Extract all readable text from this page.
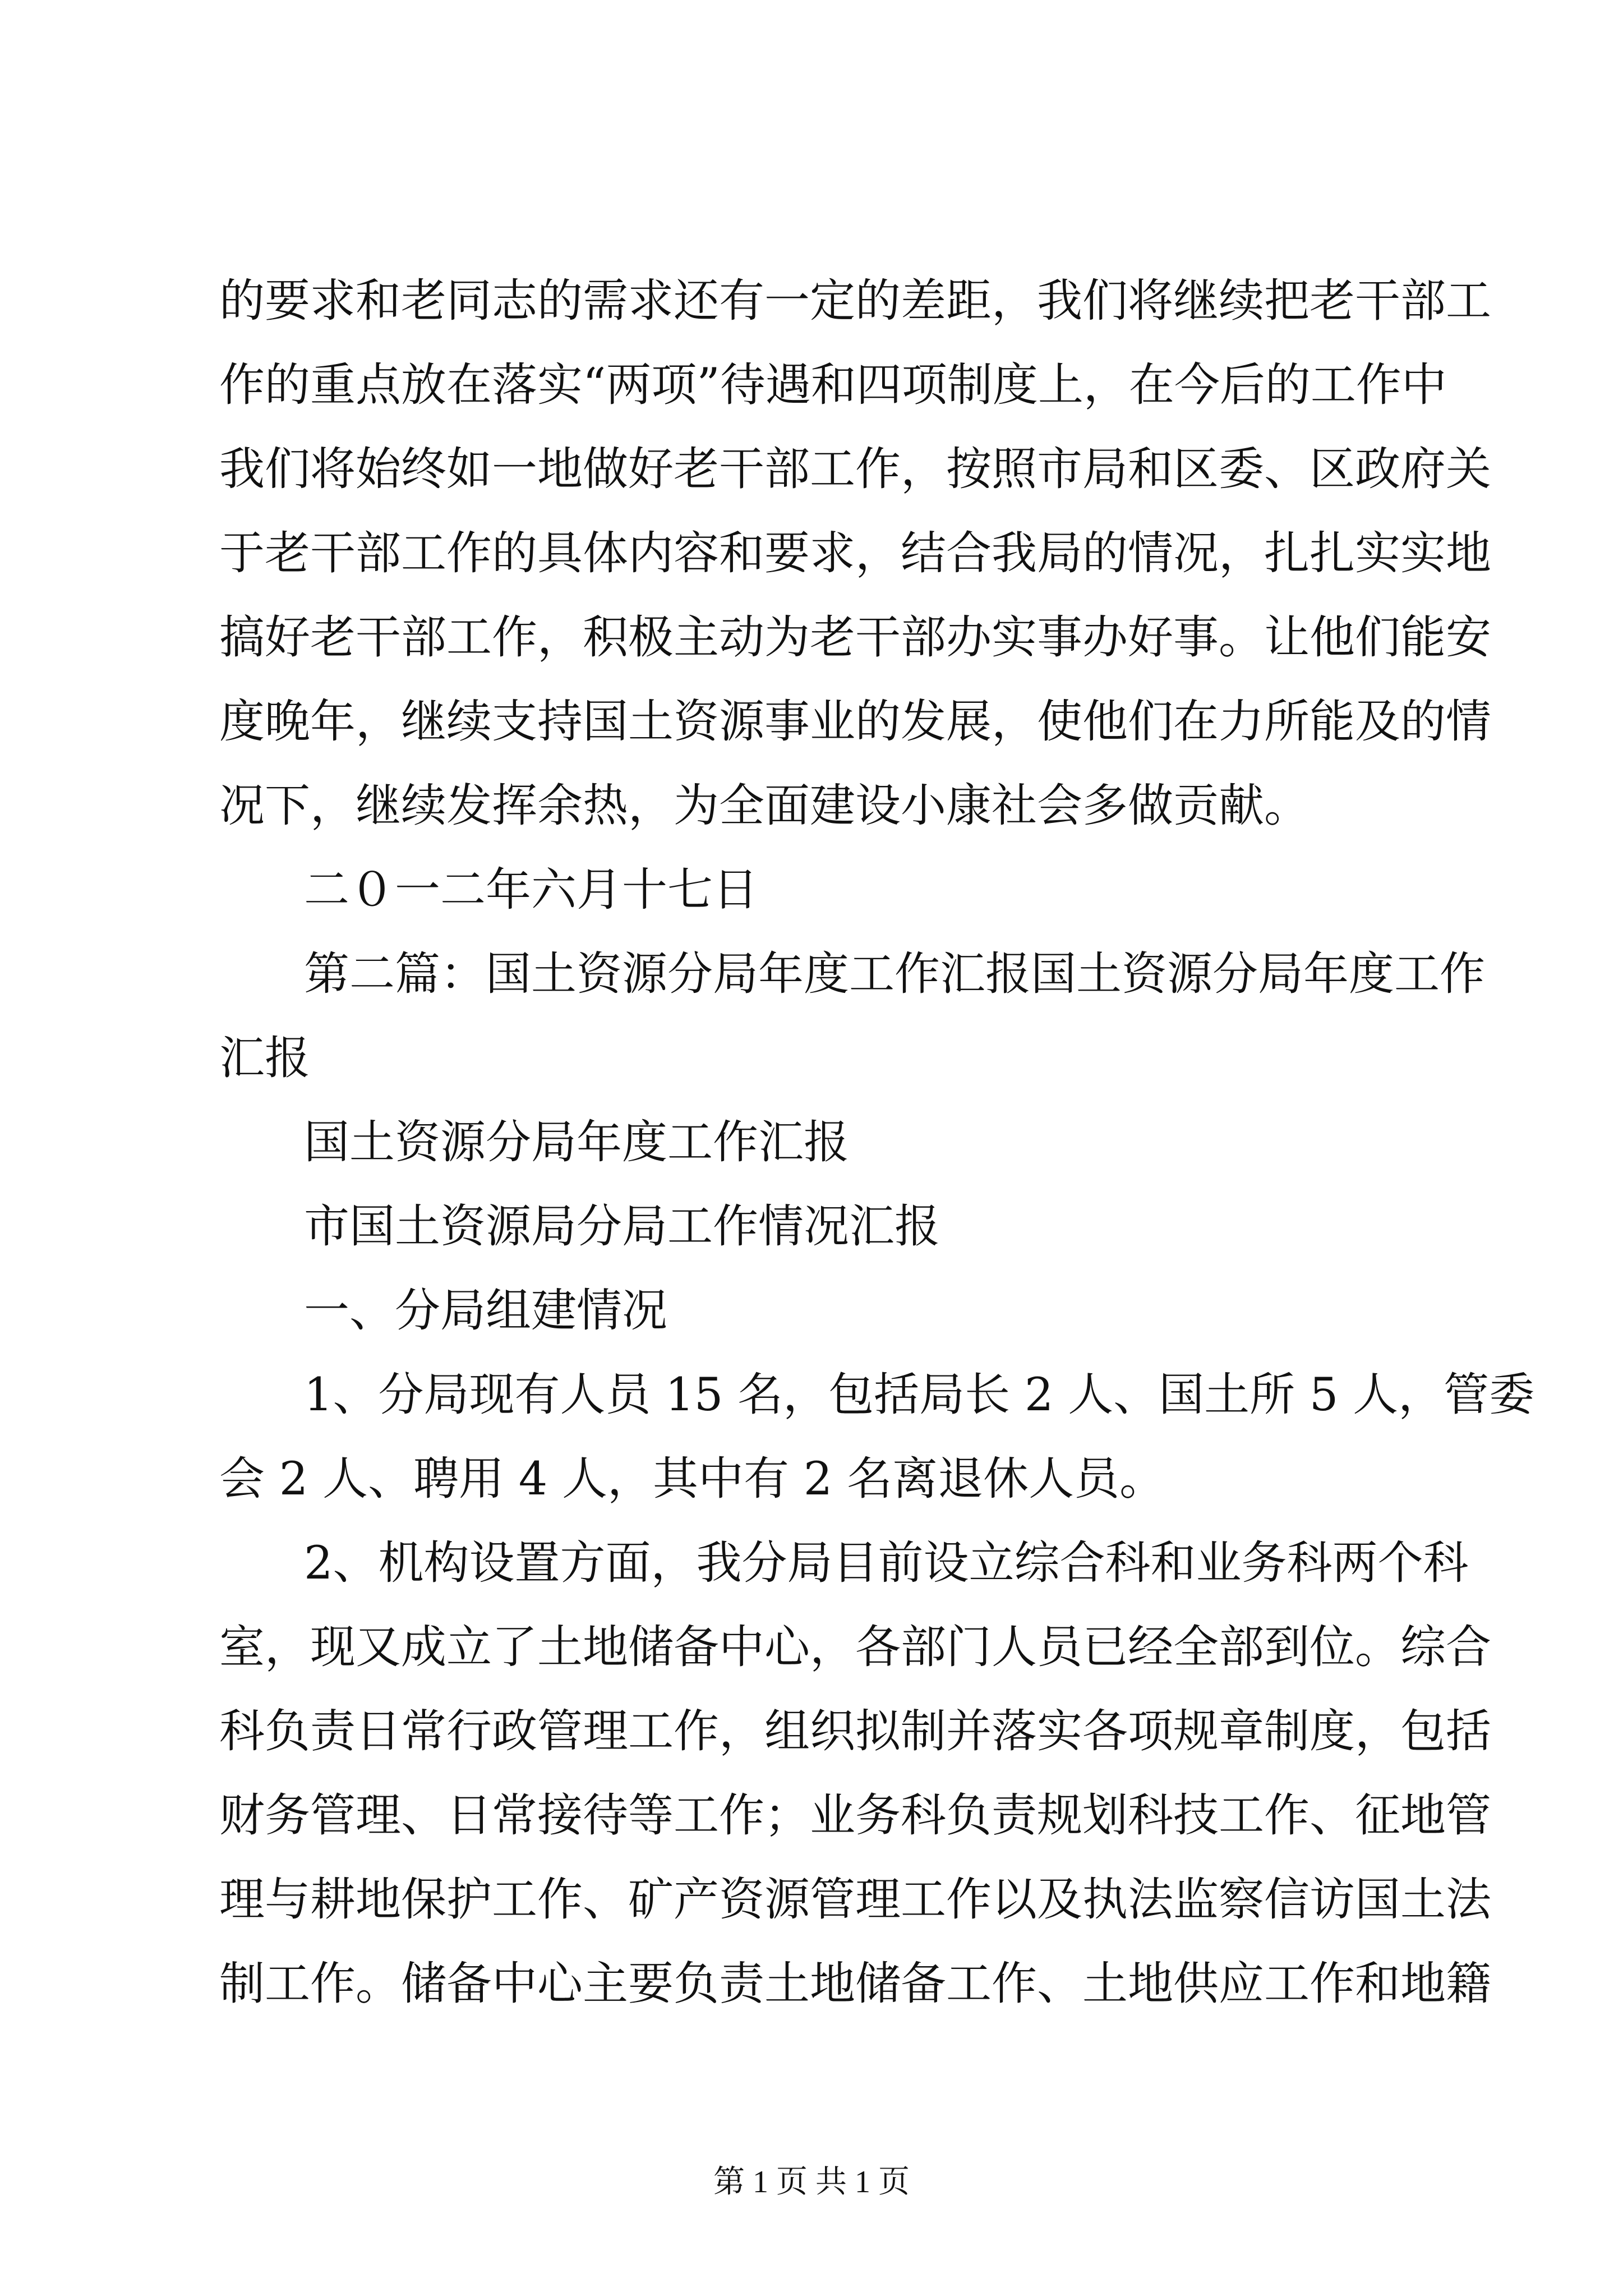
的要求和老同志的需求还有一定的差距，我们将继续把老干部工
作的重点放在落实“两项”待遇和四项制度上，在今后的工作中
我们将始终如一地做好老干部工作，按照市局和区委、区政府关
于老干部工作的具体内容和要求，结合我局的情况，扎扎实实地
搞好老干部工作，积极主动为老干部办实事办好事。让他们能安
度晚年，继续支持国土资源事业的发展，使他们在力所能及的情
况下，继续发挥余热，为全面建设小康社会多做贡献。
二０一二年六月十七日
第二篇：国土资源分局年度工作汇报国土资源分局年度工作
汇报
国土资源分局年度工作汇报
市国土资源局分局工作情况汇报
一、分局组建情况
1、分局现有人员 15 名，包括局长 2 人、国土所 5 人，管委
会 2 人、聘用 4 人，其中有 2 名离退休人员。
2、机构设置方面，我分局目前设立综合科和业务科两个科
室，现又成立了土地储备中心，各部门人员已经全部到位。综合
科负责日常行政管理工作，组织拟制并落实各项规章制度，包括
财务管理、日常接待等工作；业务科负责规划科技工作、征地管
理与耕地保护工作、矿产资源管理工作以及执法监察信访国土法
制工作。储备中心主要负责土地储备工作、土地供应工作和地籍
第 1 页 共 1 页
